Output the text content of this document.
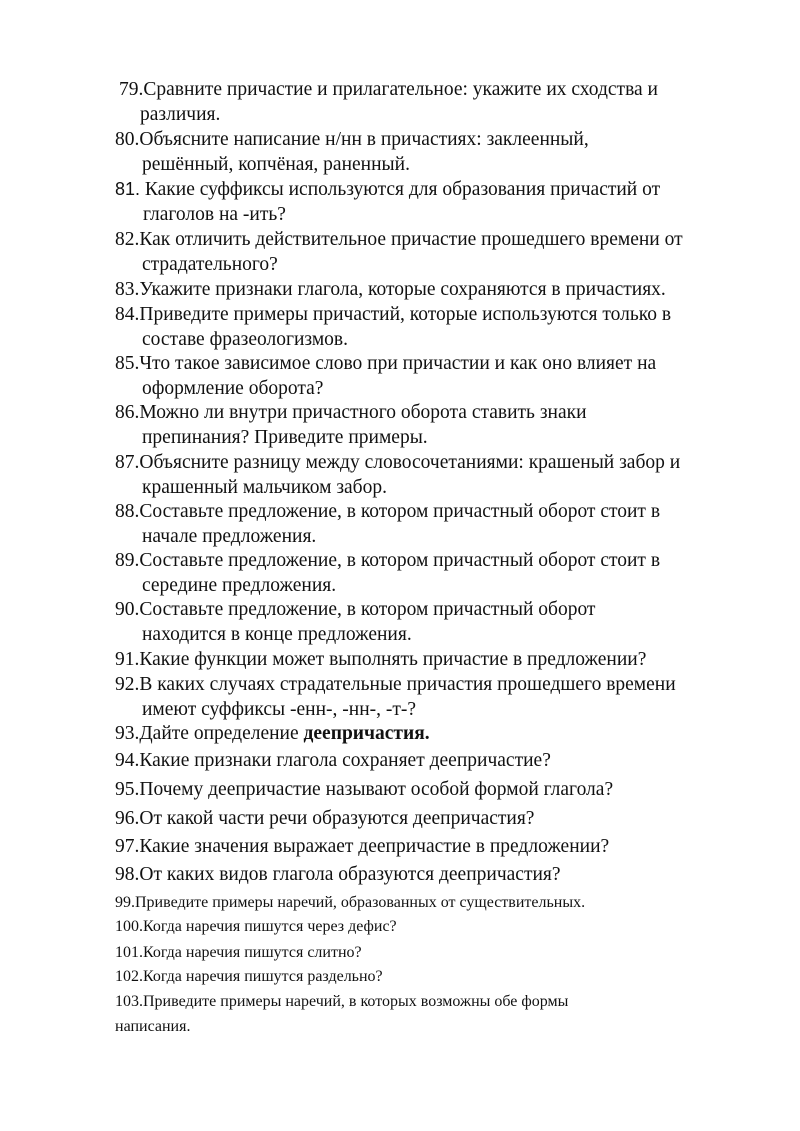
79.Сравните причастие и прилагательное: укажите их сходства и
различия.
80.Объясните написание н/нн в причастиях: заклеенный,
решённый, копчёная, раненный.
81. Какие суффиксы используются для образования причастий от
глаголов на -ить?
82.Как отличить действительное причастие прошедшего времени от
страдательного?
83.Укажите признаки глагола, которые сохраняются в причастиях.
84.Приведите примеры причастий, которые используются только в
составе фразеологизмов.
85.Что такое зависимое слово при причастии и как оно влияет на
оформление оборота?
86.Можно ли внутри причастного оборота ставить знаки
препинания? Приведите примеры.
87.Объясните разницу между словосочетаниями: крашеный забор и
крашенный мальчиком забор.
88.Составьте предложение, в котором причастный оборот стоит в
начале предложения.
89.Составьте предложение, в котором причастный оборот стоит в
середине предложения.
90.Составьте предложение, в котором причастный оборот
находится в конце предложения.
91.Какие функции может выполнять причастие в предложении?
92.В каких случаях страдательные причастия прошедшего времени
имеют суффиксы -енн-, -нн-, -т-?
93.Дайте определение деепричастия.
94.Какие признаки глагола сохраняет деепричастие?
95.Почему деепричастие называют особой формой глагола?
96.От какой части речи образуются деепричастия?
97.Какие значения выражает деепричастие в предложении?
98.От каких видов глагола образуются деепричастия?
99.Приведите примеры наречий, образованных от существительных.
100.Когда наречия пишутся через дефис?
101.Когда наречия пишутся слитно?
102.Когда наречия пишутся раздельно?
103.Приведите примеры наречий, в которых возможны обе формы
написания.
